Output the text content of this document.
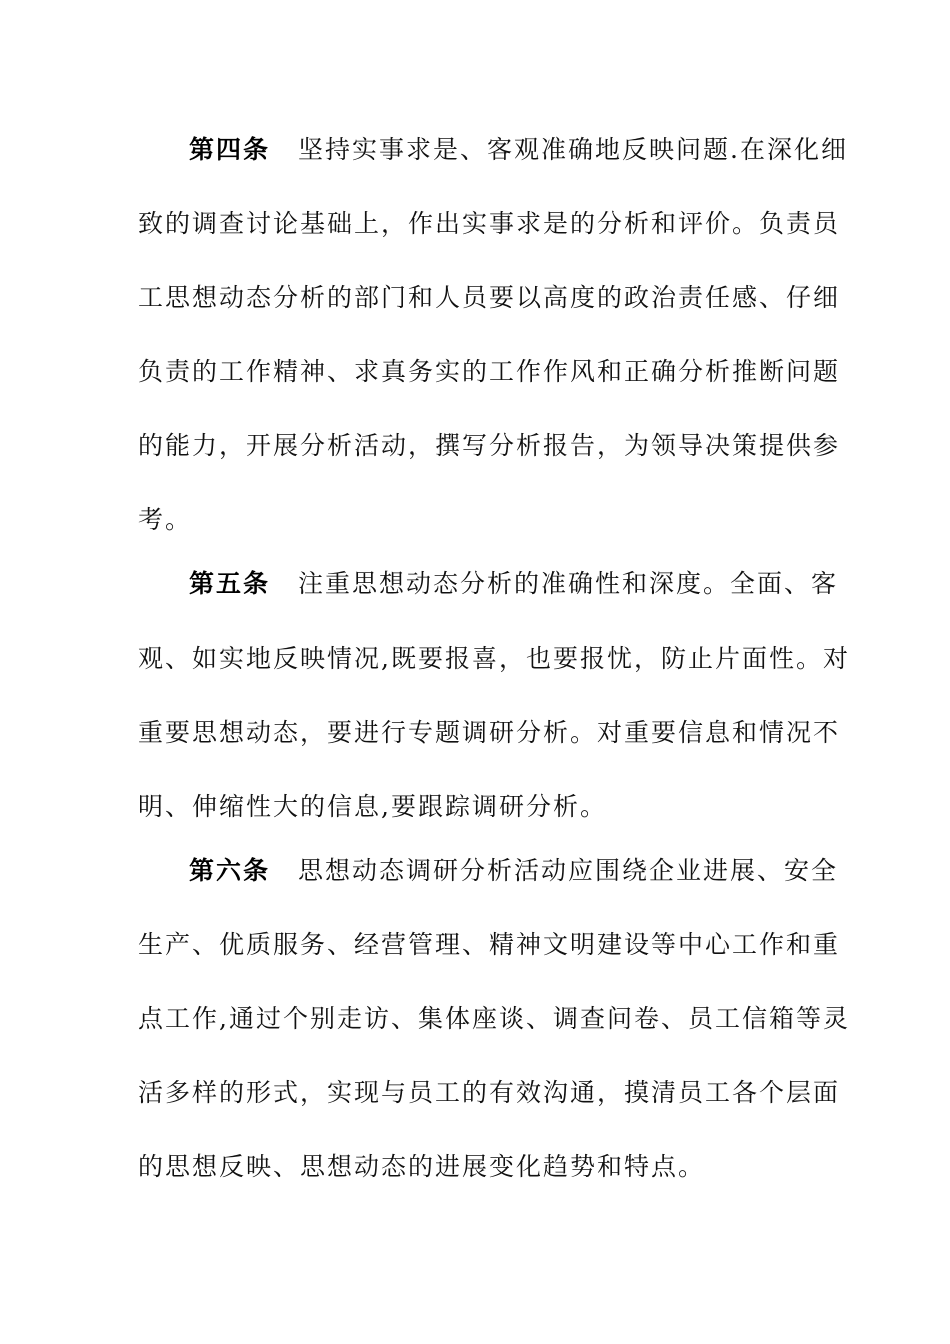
第四条 坚持实事求是、客观准确地反映问题.在深化细
致的调查讨论基础上，作出实事求是的分析和评价。负责员
工思想动态分析的部门和人员要以高度的政治责任感、仔细
负责的工作精神、求真务实的工作作风和正确分析推断问题
的能力，开展分析活动，撰写分析报告，为领导决策提供参
考。
第五条 注重思想动态分析的准确性和深度。全面、客
观、如实地反映情况,既要报喜，也要报忧，防止片面性。对
重要思想动态，要进行专题调研分析。对重要信息和情况不
明、伸缩性大的信息,要跟踪调研分析。
第六条 思想动态调研分析活动应围绕企业进展、安全
生产、优质服务、经营管理、精神文明建设等中心工作和重
点工作,通过个别走访、集体座谈、调查问卷、员工信箱等灵
活多样的形式，实现与员工的有效沟通，摸清员工各个层面
的思想反映、思想动态的进展变化趋势和特点。
